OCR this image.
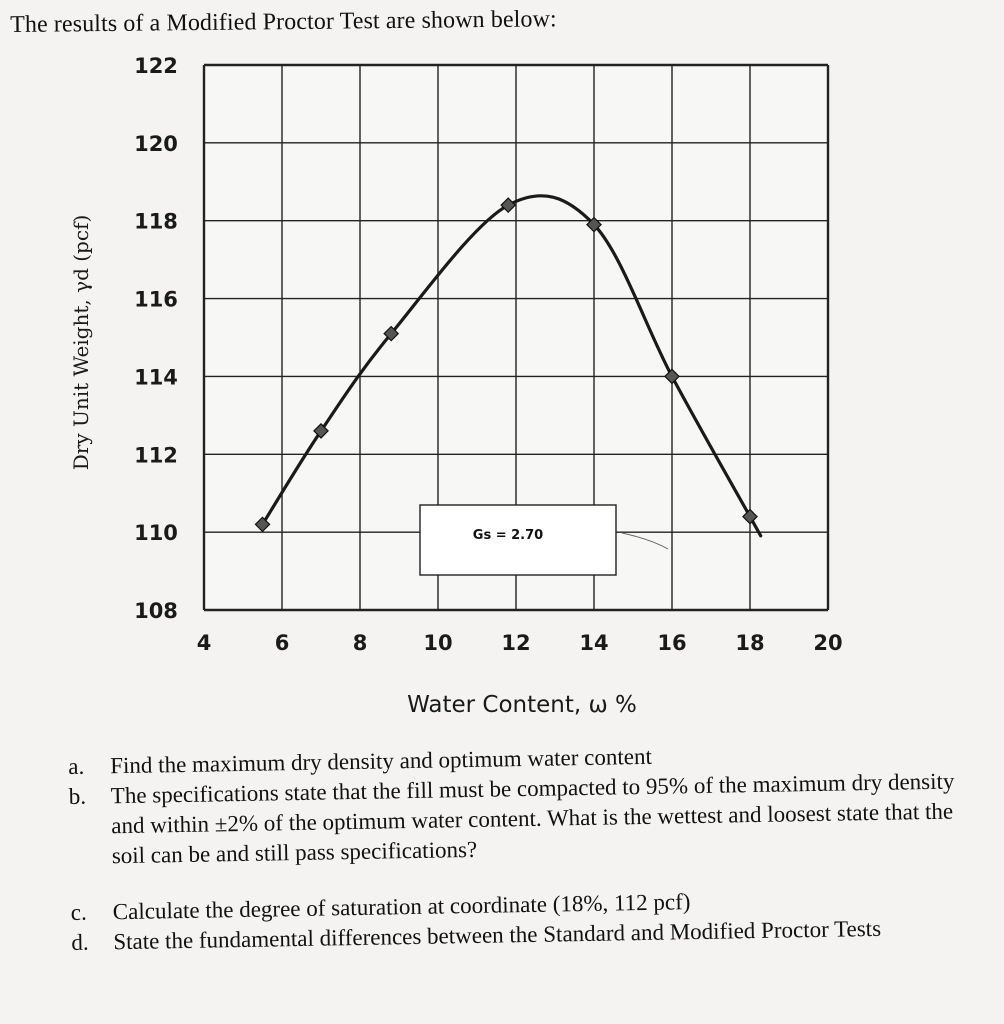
The results of a Modified Proctor Test are shown below:
4	6	8	10 12 14 16 18 20
122
120
118
116
114
112
110
108
Water Content, ω %
Dry Unit Weight, γd (pcf)
Gs = 2.70
a.	Find the maximum dry density and optimum water content
b.	The specifications state that the fill must be compacted to 95% of the maximum dry density and within ±2% of the optimum water content. What is the wettest and loosest state that the soil can be and still pass specifications?
c.	Calculate the degree of saturation at coordinate (18%, 112 pcf)
d.	State the fundamental differences between the Standard and Modified Proctor Tests
